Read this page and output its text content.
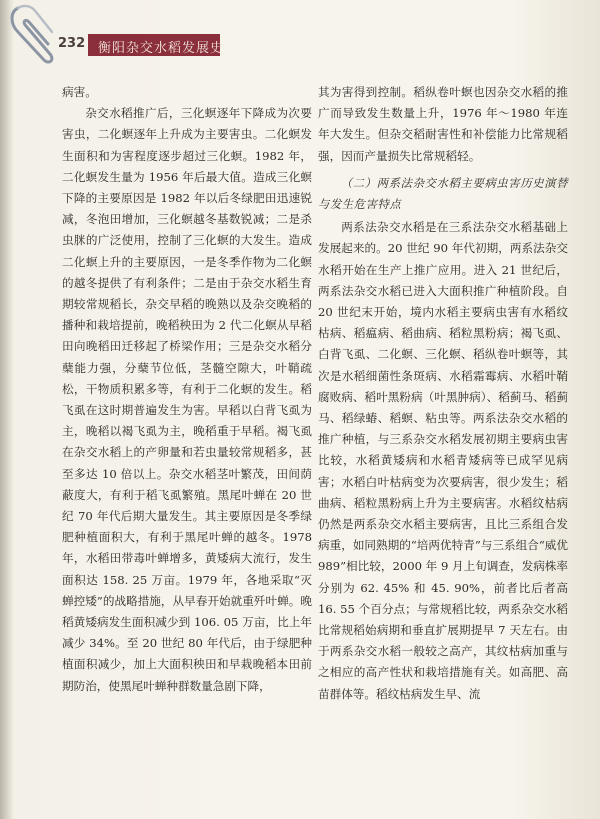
232 衡阳杂交水稻发展史

病害。

杂交水稻推广后，三化螟逐年下降成为次要害虫，二化螟逐年上升成为主要害虫。二化螟发生面积和为害程度逐步超过三化螟。1982 年，二化螟发生量为 1956 年后最大值。造成三化螟下降的主要原因是 1982 年以后冬绿肥田迅速锐减，冬泡田增加，三化螟越冬基数锐减；二是杀虫脒的广泛使用，控制了三化螟的大发生。造成二化螟上升的主要原因，一是冬季作物为二化螟的越冬提供了有利条件；二是由于杂交水稻生育期较常规稻长，杂交早稻的晚熟以及杂交晚稻的播种和栽培提前，晚稻秧田为 2 代二化螟从早稻田向晚稻田迁移起了桥梁作用；三是杂交水稻分蘖能力强，分蘖节位低，茎髓空隙大，叶鞘疏松，干物质积累多等，有利于二化螟的发生。稻飞虱在这时期普遍发生为害。早稻以白背飞虱为主，晚稻以褐飞虱为主，晚稻重于早稻。褐飞虱在杂交水稻上的产卵量和若虫量较常规稻多，甚至多达 10 倍以上。杂交水稻茎叶繁茂，田间荫蔽度大，有利于稻飞虱繁殖。黑尾叶蝉在 20 世纪 70 年代后期大量发生。其主要原因是冬季绿肥种植面积大，有利于黑尾叶蝉的越冬。1978 年，水稻田带毒叶蝉增多，黄矮病大流行，发生面积达 158. 25 万亩。1979 年，各地采取“灭蝉控矮”的战略措施，从早春开始就重歼叶蝉。晚稻黄矮病发生面积减少到 106. 05 万亩，比上年减少 34%。至 20 世纪 80 年代后，由于绿肥种植面积减少，加上大面积秧田和早栽晚稻本田前期防治，使黑尾叶蝉种群数量急剧下降，

其为害得到控制。稻纵卷叶螟也因杂交水稻的推广而导致发生数量上升，1976 年～1980 年连年大发生。但杂交稻耐害性和补偿能力比常规稻强，因而产量损失比常规稻轻。

（二）两系法杂交水稻主要病虫害历史演替与发生危害特点

两系法杂交水稻是在三系法杂交水稻基础上发展起来的。20 世纪 90 年代初期，两系法杂交水稻开始在生产上推广应用。进入 21 世纪后，两系法杂交水稻已进入大面积推广种植阶段。自 20 世纪末开始，境内水稻主要病虫害有水稻纹枯病、稻瘟病、稻曲病、稻粒黑粉病；褐飞虱、白背飞虱、二化螟、三化螟、稻纵卷叶螟等，其次是水稻细菌性条斑病、水稻霜霉病、水稻叶鞘腐败病、稻叶黑粉病（叶黑肿病）、稻蓟马、稻蓟马、稻绿蝽、稻螟、粘虫等。两系法杂交水稻的推广种植，与三系杂交水稻发展初期主要病虫害比较，水稻黄矮病和水稻青矮病等已成罕见病害；水稻白叶枯病变为次要病害，很少发生；稻曲病、稻粒黑粉病上升为主要病害。水稻纹枯病仍然是两系杂交水稻主要病害，且比三系组合发病重，如同熟期的“培两优特青”与三系组合“威优 989”相比较，2000 年 9 月上旬调查，发病株率分别为 62. 45% 和 45. 90%，前者比后者高 16. 55 个百分点；与常规稻比较，两系杂交水稻比常规稻始病期和垂直扩展期提早 7 天左右。由于两系杂交水稻一般较之高产，其纹枯病加重与之相应的高产性状和栽培措施有关。如高肥、高苗群体等。稻纹枯病发生早、流
